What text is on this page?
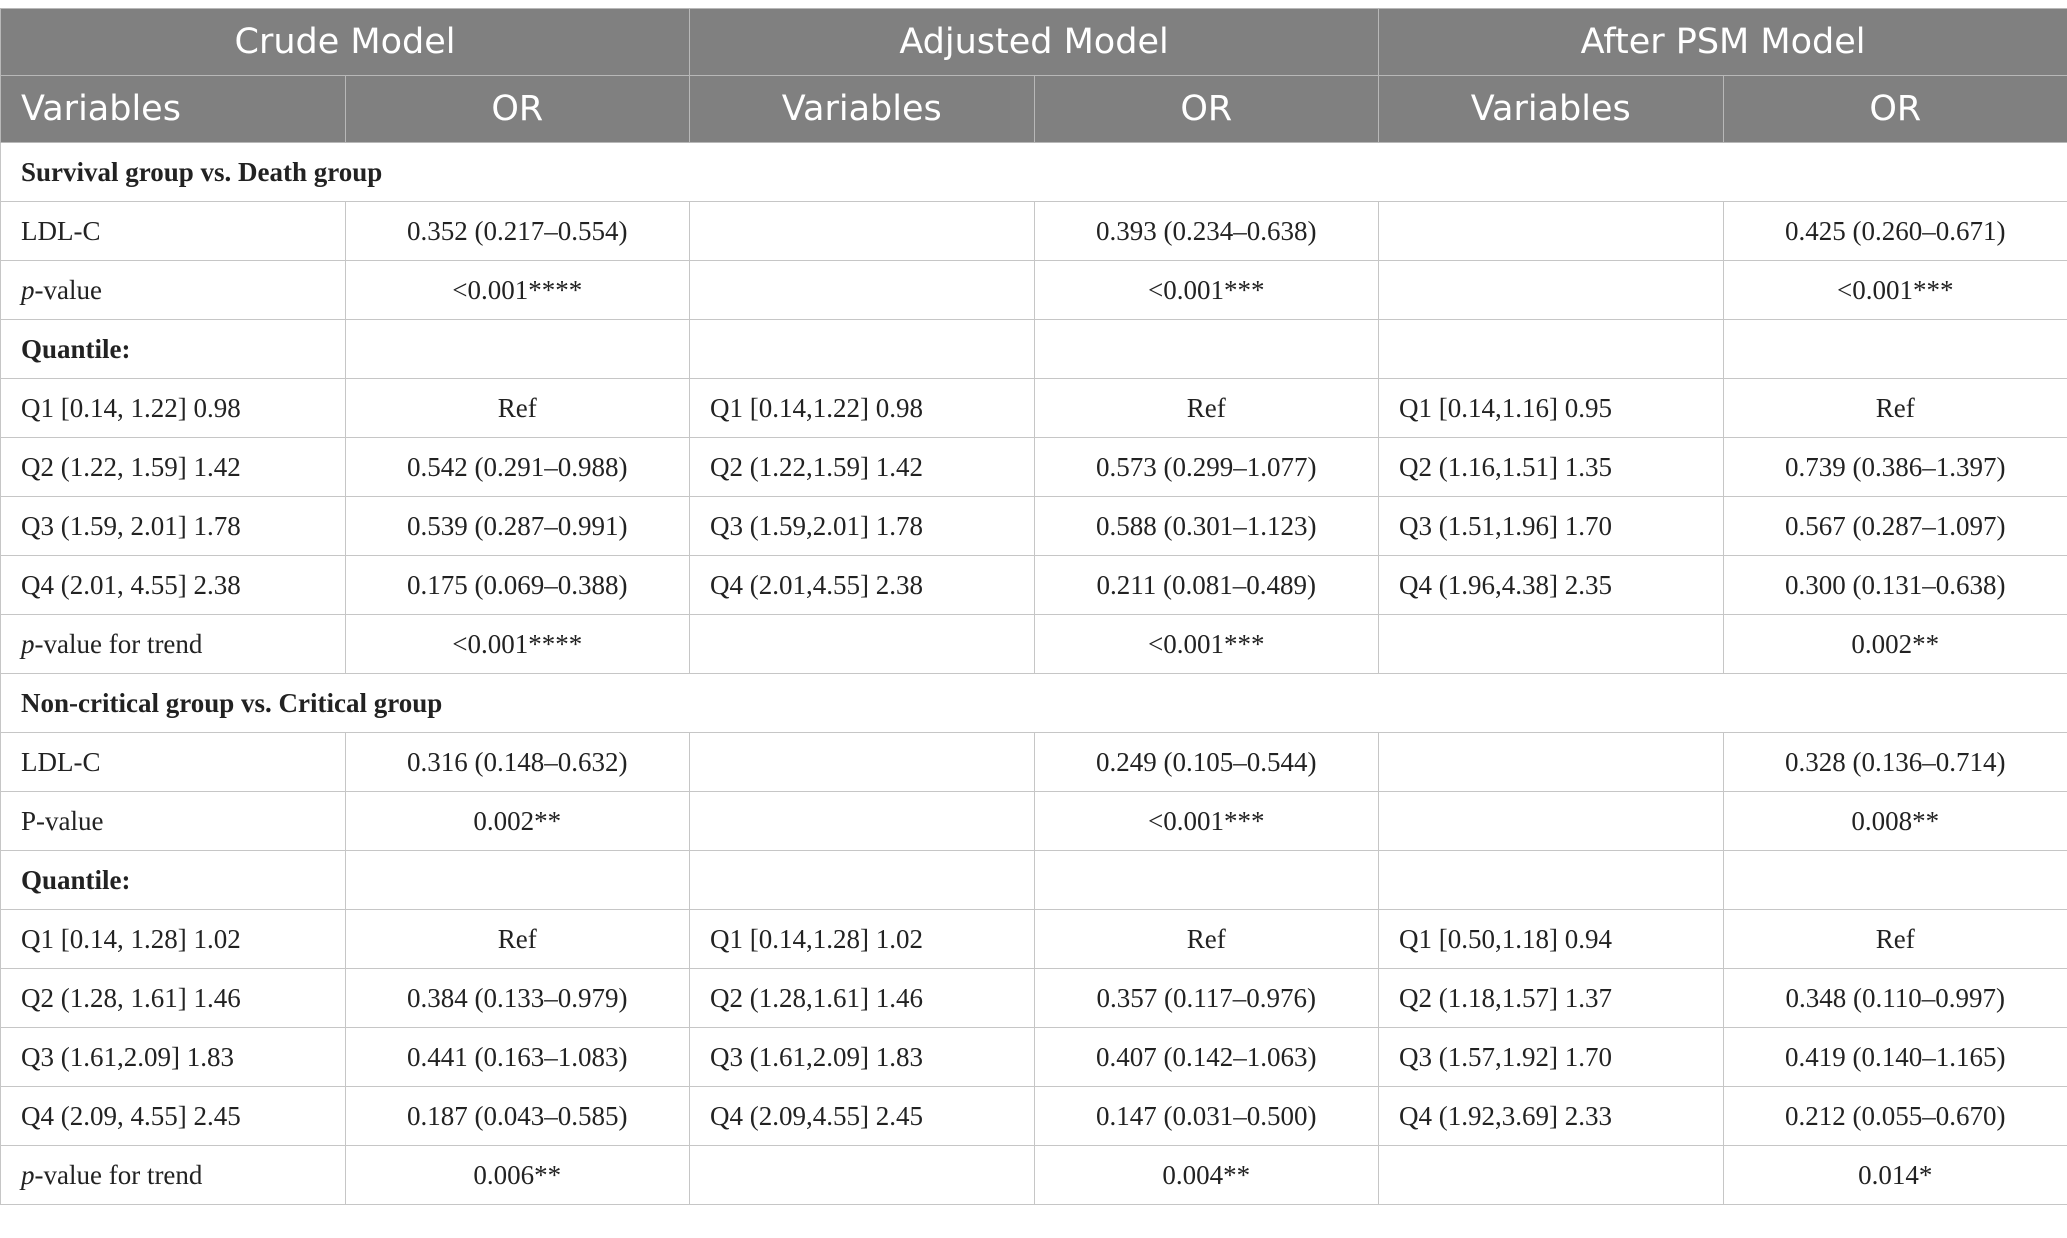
Crude Model		Adjusted Model		After PSM Model	
Variables	OR	Variables	OR	Variables	OR
Survival group vs. Death group					
LDL-C	0.352 (0.217–0.554)		0.393 (0.234–0.638)		0.425 (0.260–0.671)
p-value	<0.001****		<0.001***		<0.001***
Quantile:					
Q1 [0.14, 1.22] 0.98	Ref	Q1 [0.14,1.22] 0.98	Ref	Q1 [0.14,1.16] 0.95	Ref
Q2 (1.22, 1.59] 1.42	0.542 (0.291–0.988)	Q2 (1.22,1.59] 1.42	0.573 (0.299–1.077)	Q2 (1.16,1.51] 1.35	0.739 (0.386–1.397)
Q3 (1.59, 2.01] 1.78	0.539 (0.287–0.991)	Q3 (1.59,2.01] 1.78	0.588 (0.301–1.123)	Q3 (1.51,1.96] 1.70	0.567 (0.287–1.097)
Q4 (2.01, 4.55] 2.38	0.175 (0.069–0.388)	Q4 (2.01,4.55] 2.38	0.211 (0.081–0.489)	Q4 (1.96,4.38] 2.35	0.300 (0.131–0.638)
p-value for trend	<0.001****		<0.001***		0.002**
Non-critical group vs. Critical group					
LDL-C	0.316 (0.148–0.632)		0.249 (0.105–0.544)		0.328 (0.136–0.714)
P-value	0.002**		<0.001***		0.008**
Quantile:					
Q1 [0.14, 1.28] 1.02	Ref	Q1 [0.14,1.28] 1.02	Ref	Q1 [0.50,1.18] 0.94	Ref
Q2 (1.28, 1.61] 1.46	0.384 (0.133–0.979)	Q2 (1.28,1.61] 1.46	0.357 (0.117–0.976)	Q2 (1.18,1.57] 1.37	0.348 (0.110–0.997)
Q3 (1.61,2.09] 1.83	0.441 (0.163–1.083)	Q3 (1.61,2.09] 1.83	0.407 (0.142–1.063)	Q3 (1.57,1.92] 1.70	0.419 (0.140–1.165)
Q4 (2.09, 4.55] 2.45	0.187 (0.043–0.585)	Q4 (2.09,4.55] 2.45	0.147 (0.031–0.500)	Q4 (1.92,3.69] 2.33	0.212 (0.055–0.670)
p-value for trend	0.006**		0.004**		0.014*
